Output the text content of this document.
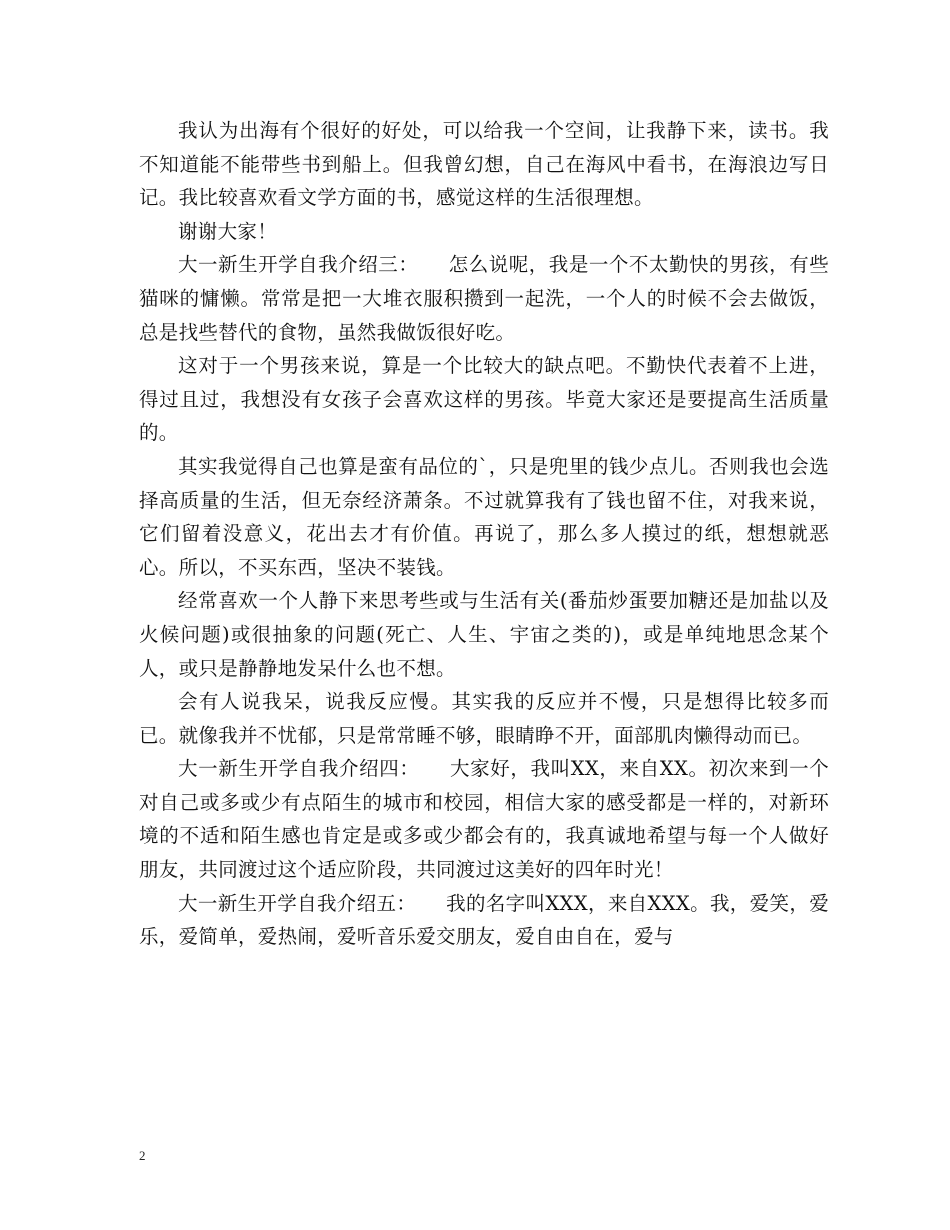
我认为出海有个很好的好处，可以给我一个空间，让我静下来，读书。我不知道能不能带些书到船上。但我曾幻想，自己在海风中看书，在海浪边写日记。我比较喜欢看文学方面的书，感觉这样的生活很理想。

谢谢大家！

大一新生开学自我介绍三：　　怎么说呢，我是一个不太勤快的男孩，有些猫咪的慵懒。常常是把一大堆衣服积攒到一起洗，一个人的时候不会去做饭，总是找些替代的食物，虽然我做饭很好吃。

这对于一个男孩来说，算是一个比较大的缺点吧。不勤快代表着不上进，得过且过，我想没有女孩子会喜欢这样的男孩。毕竟大家还是要提高生活质量的。

其实我觉得自己也算是蛮有品位的`，只是兜里的钱少点儿。否则我也会选择高质量的生活，但无奈经济萧条。不过就算我有了钱也留不住，对我来说，它们留着没意义，花出去才有价值。再说了，那么多人摸过的纸，想想就恶心。所以，不买东西，坚决不装钱。

经常喜欢一个人静下来思考些或与生活有关(番茄炒蛋要加糖还是加盐以及火候问题)或很抽象的问题(死亡、人生、宇宙之类的)，或是单纯地思念某个人，或只是静静地发呆什么也不想。

会有人说我呆，说我反应慢。其实我的反应并不慢，只是想得比较多而已。就像我并不忧郁，只是常常睡不够，眼睛睁不开，面部肌肉懒得动而已。

大一新生开学自我介绍四：　　大家好，我叫XX，来自XX。初次来到一个对自己或多或少有点陌生的城市和校园，相信大家的感受都是一样的，对新环境的不适和陌生感也肯定是或多或少都会有的，我真诚地希望与每一个人做好朋友，共同渡过这个适应阶段，共同渡过这美好的四年时光！

大一新生开学自我介绍五：　　我的名字叫XXX，来自XXX。我，爱笑，爱乐，爱简单，爱热闹，爱听音乐爱交朋友，爱自由自在，爱与

2
